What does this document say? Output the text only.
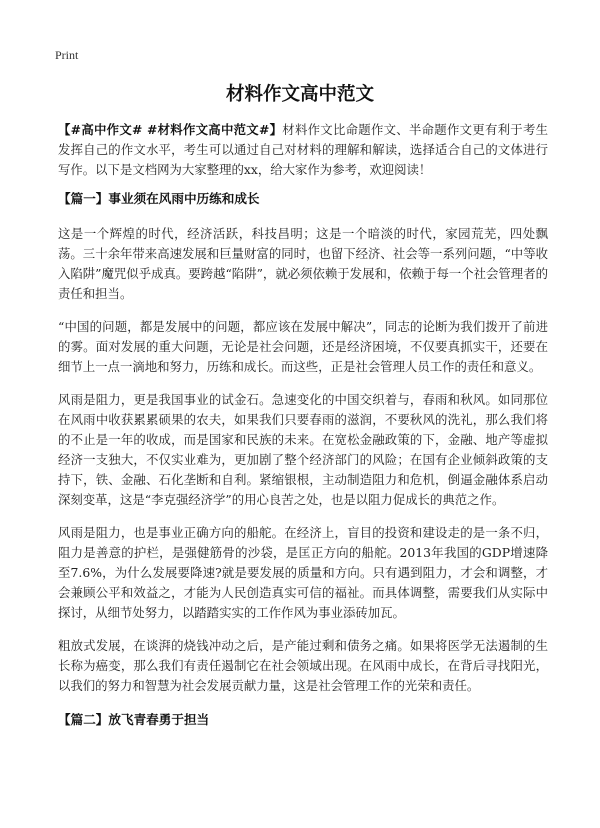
Print
材料作文高中范文

【#高中作文# #材料作文高中范文#】材料作文比命题作文、半命题作文更有利于考生发挥自己的作文水平，考生可以通过自己对材料的理解和解读，选择适合自己的文体进行写作。以下是文档网为大家整理的xx，给大家作为参考，欢迎阅读！

【篇一】事业须在风雨中历练和成长

这是一个辉煌的时代，经济活跃，科技昌明；这是一个暗淡的时代，家园荒芜，四处飘荡。三十余年带来高速发展和巨量财富的同时，也留下经济、社会等一系列问题，“中等收入陷阱”魔咒似乎成真。要跨越“陷阱”，就必须依赖于发展和，依赖于每一个社会管理者的责任和担当。

“中国的问题，都是发展中的问题，都应该在发展中解决”，同志的论断为我们拨开了前进的雾。面对发展的重大问题，无论是社会问题，还是经济困境，不仅要真抓实干，还要在细节上一点一滴地和努力，历练和成长。而这些，正是社会管理人员工作的责任和意义。

风雨是阻力，更是我国事业的试金石。急速变化的中国交织着与，春雨和秋风。如同那位在风雨中收获累累硕果的农夫，如果我们只要春雨的滋润，不要秋风的洗礼，那么我们将的不止是一年的收成，而是国家和民族的未来。在宽松金融政策的下，金融、地产等虚拟经济一支独大，不仅实业难为，更加剧了整个经济部门的风险；在国有企业倾斜政策的支持下，铁、金融、石化垄断和自利。紧缩银根，主动制造阻力和危机，倒逼金融体系启动深刻变革，这是“李克强经济学”的用心良苦之处，也是以阻力促成长的典范之作。

风雨是阻力，也是事业正确方向的船舵。在经济上，盲目的投资和建设走的是一条不归，阻力是善意的护栏，是强健筋骨的沙袋，是匡正方向的船舵。2013年我国的GDP增速降至7.6%，为什么发展要降速?就是要发展的质量和方向。只有遇到阻力，才会和调整，才会兼顾公平和效益之，才能为人民创造真实可信的福祉。而具体调整，需要我们从实际中探讨，从细节处努力，以踏踏实实的工作作风为事业添砖加瓦。

粗放式发展，在谈湃的烧钱冲动之后，是产能过剩和债务之痛。如果将医学无法遏制的生长称为癌变，那么我们有责任遏制它在社会领域出现。在风雨中成长，在背后寻找阳光，以我们的努力和智慧为社会发展贡献力量，这是社会管理工作的光荣和责任。

【篇二】放飞青春勇于担当
